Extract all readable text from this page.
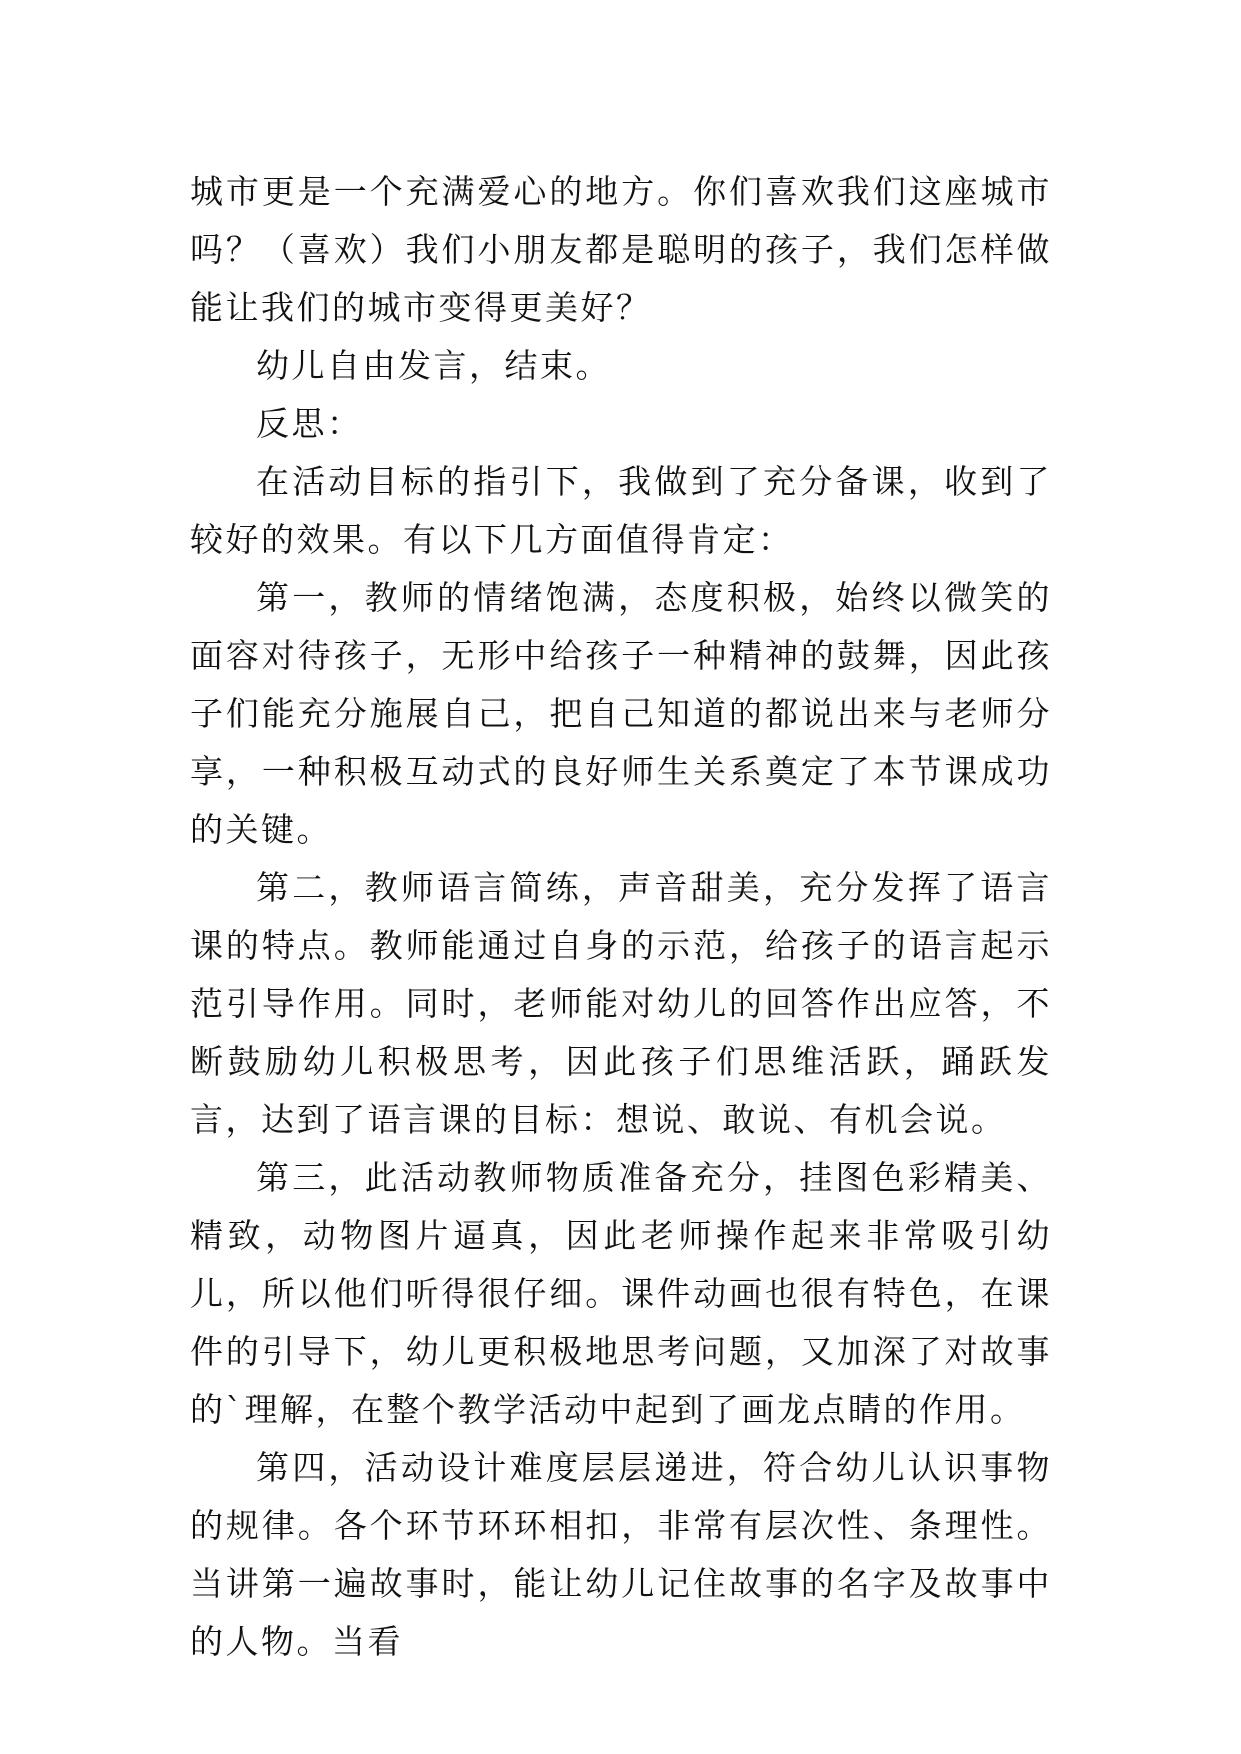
城市更是一个充满爱心的地方。你们喜欢我们这座城市吗？（喜欢）我们小朋友都是聪明的孩子，我们怎样做能让我们的城市变得更美好？

幼儿自由发言，结束。

反思：

在活动目标的指引下，我做到了充分备课，收到了较好的效果。有以下几方面值得肯定：

第一，教师的情绪饱满，态度积极，始终以微笑的面容对待孩子，无形中给孩子一种精神的鼓舞，因此孩子们能充分施展自己，把自己知道的都说出来与老师分享，一种积极互动式的良好师生关系奠定了本节课成功的关键。

第二，教师语言简练，声音甜美，充分发挥了语言课的特点。教师能通过自身的示范，给孩子的语言起示范引导作用。同时，老师能对幼儿的回答作出应答，不断鼓励幼儿积极思考，因此孩子们思维活跃，踊跃发言，达到了语言课的目标：想说、敢说、有机会说。

第三，此活动教师物质准备充分，挂图色彩精美、精致，动物图片逼真，因此老师操作起来非常吸引幼儿，所以他们听得很仔细。课件动画也很有特色，在课件的引导下，幼儿更积极地思考问题，又加深了对故事的`理解，在整个教学活动中起到了画龙点睛的作用。

第四，活动设计难度层层递进，符合幼儿认识事物的规律。各个环节环环相扣，非常有层次性、条理性。当讲第一遍故事时，能让幼儿记住故事的名字及故事中的人物。当看
